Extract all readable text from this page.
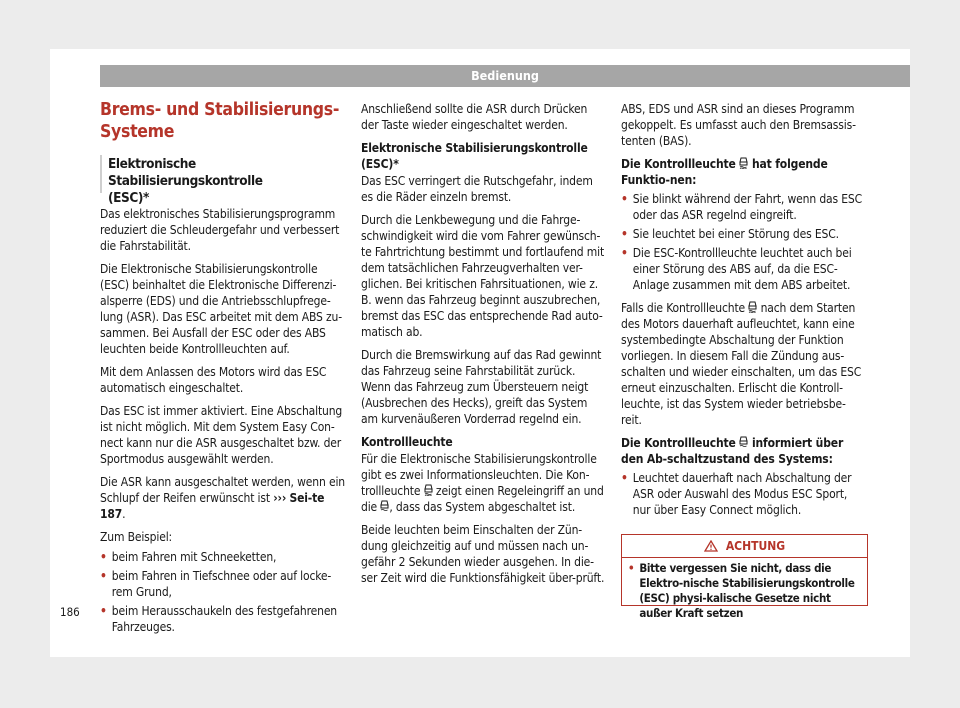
Bedienung
Brems- und Stabilisierungs-
Systeme
Elektronische Stabilisierungskontrolle
(ESC)*

Das elektronisches Stabilisierungsprogramm reduziert die Schleudergefahr und verbessert die Fahrstabilität.

Die Elektronische Stabilisierungskontrolle (ESC) beinhaltet die Elektronische Differenzi-alsperre (EDS) und die Antriebsschlupfrege-lung (ASR). Das ESC arbeitet mit dem ABS zu-sammen. Bei Ausfall der ESC oder des ABS leuchten beide Kontrollleuchten auf.

Mit dem Anlassen des Motors wird das ESC automatisch eingeschaltet.

Das ESC ist immer aktiviert. Eine Abschaltung ist nicht möglich. Mit dem System Easy Con-nect kann nur die ASR ausgeschaltet bzw. der Sportmodus ausgewählt werden.

Die ASR kann ausgeschaltet werden, wenn ein Schlupf der Reifen erwünscht ist ››› Sei-te 187.

Zum Beispiel:

• beim Fahren mit Schneeketten,
• beim Fahren in Tiefschnee oder auf locke-rem Grund,
• beim Herausschaukeln des festgefahrenen Fahrzeuges.

Anschließend sollte die ASR durch Drücken der Taste wieder eingeschaltet werden.

Elektronische Stabilisierungskontrolle (ESC)*

Das ESC verringert die Rutschgefahr, indem es die Räder einzeln bremst.

Durch die Lenkbewegung und die Fahrge-schwindigkeit wird die vom Fahrer gewünsch-te Fahrtrichtung bestimmt und fortlaufend mit dem tatsächlichen Fahrzeugverhalten ver-glichen. Bei kritischen Fahrsituationen, wie z. B. wenn das Fahrzeug beginnt auszubrechen, bremst das ESC das entsprechende Rad auto-matisch ab.

Durch die Bremswirkung auf das Rad gewinnt das Fahrzeug seine Fahrstabilität zurück. Wenn das Fahrzeug zum Übersteuern neigt (Ausbrechen des Hecks), greift das System am kurvenäußeren Vorderrad regelnd ein.

Kontrollleuchte

Für die Elektronische Stabilisierungskontrolle gibt es zwei Informationsleuchten. Die Kon-trollleuchte zeigt einen Regeleingriff an und die , dass das System abgeschaltet ist.

Beide leuchten beim Einschalten der Zün-dung gleichzeitig auf und müssen nach un-gefähr 2 Sekunden wieder ausgehen. In die-ser Zeit wird die Funktionsfähigkeit über-prüft.

ABS, EDS und ASR sind an dieses Programm gekoppelt. Es umfasst auch den Bremsassis-tenten (BAS).

Die Kontrollleuchte hat folgende Funktio-nen:

• Sie blinkt während der Fahrt, wenn das ESC oder das ASR regelnd eingreift.
• Sie leuchtet bei einer Störung des ESC.
• Die ESC-Kontrollleuchte leuchtet auch bei einer Störung des ABS auf, da die ESC-Anlage zusammen mit dem ABS arbeitet.

Falls die Kontrollleuchte nach dem Starten des Motors dauerhaft aufleuchtet, kann eine systembedingte Abschaltung der Funktion vorliegen. In diesem Fall die Zündung aus-schalten und wieder einschalten, um das ESC erneut einzuschalten. Erlischt die Kontroll-leuchte, ist das System wieder betriebsbe-reit.

Die Kontrollleuchte informiert über den Ab-schaltzustand des Systems:

• Leuchtet dauerhaft nach Abschaltung der ASR oder Auswahl des Modus ESC Sport, nur über Easy Connect möglich.
ACHTUNG
• Bitte vergessen Sie nicht, dass die Elektro-nische Stabilisierungskontrolle (ESC) physi-kalische Gesetze nicht außer Kraft setzen
186
